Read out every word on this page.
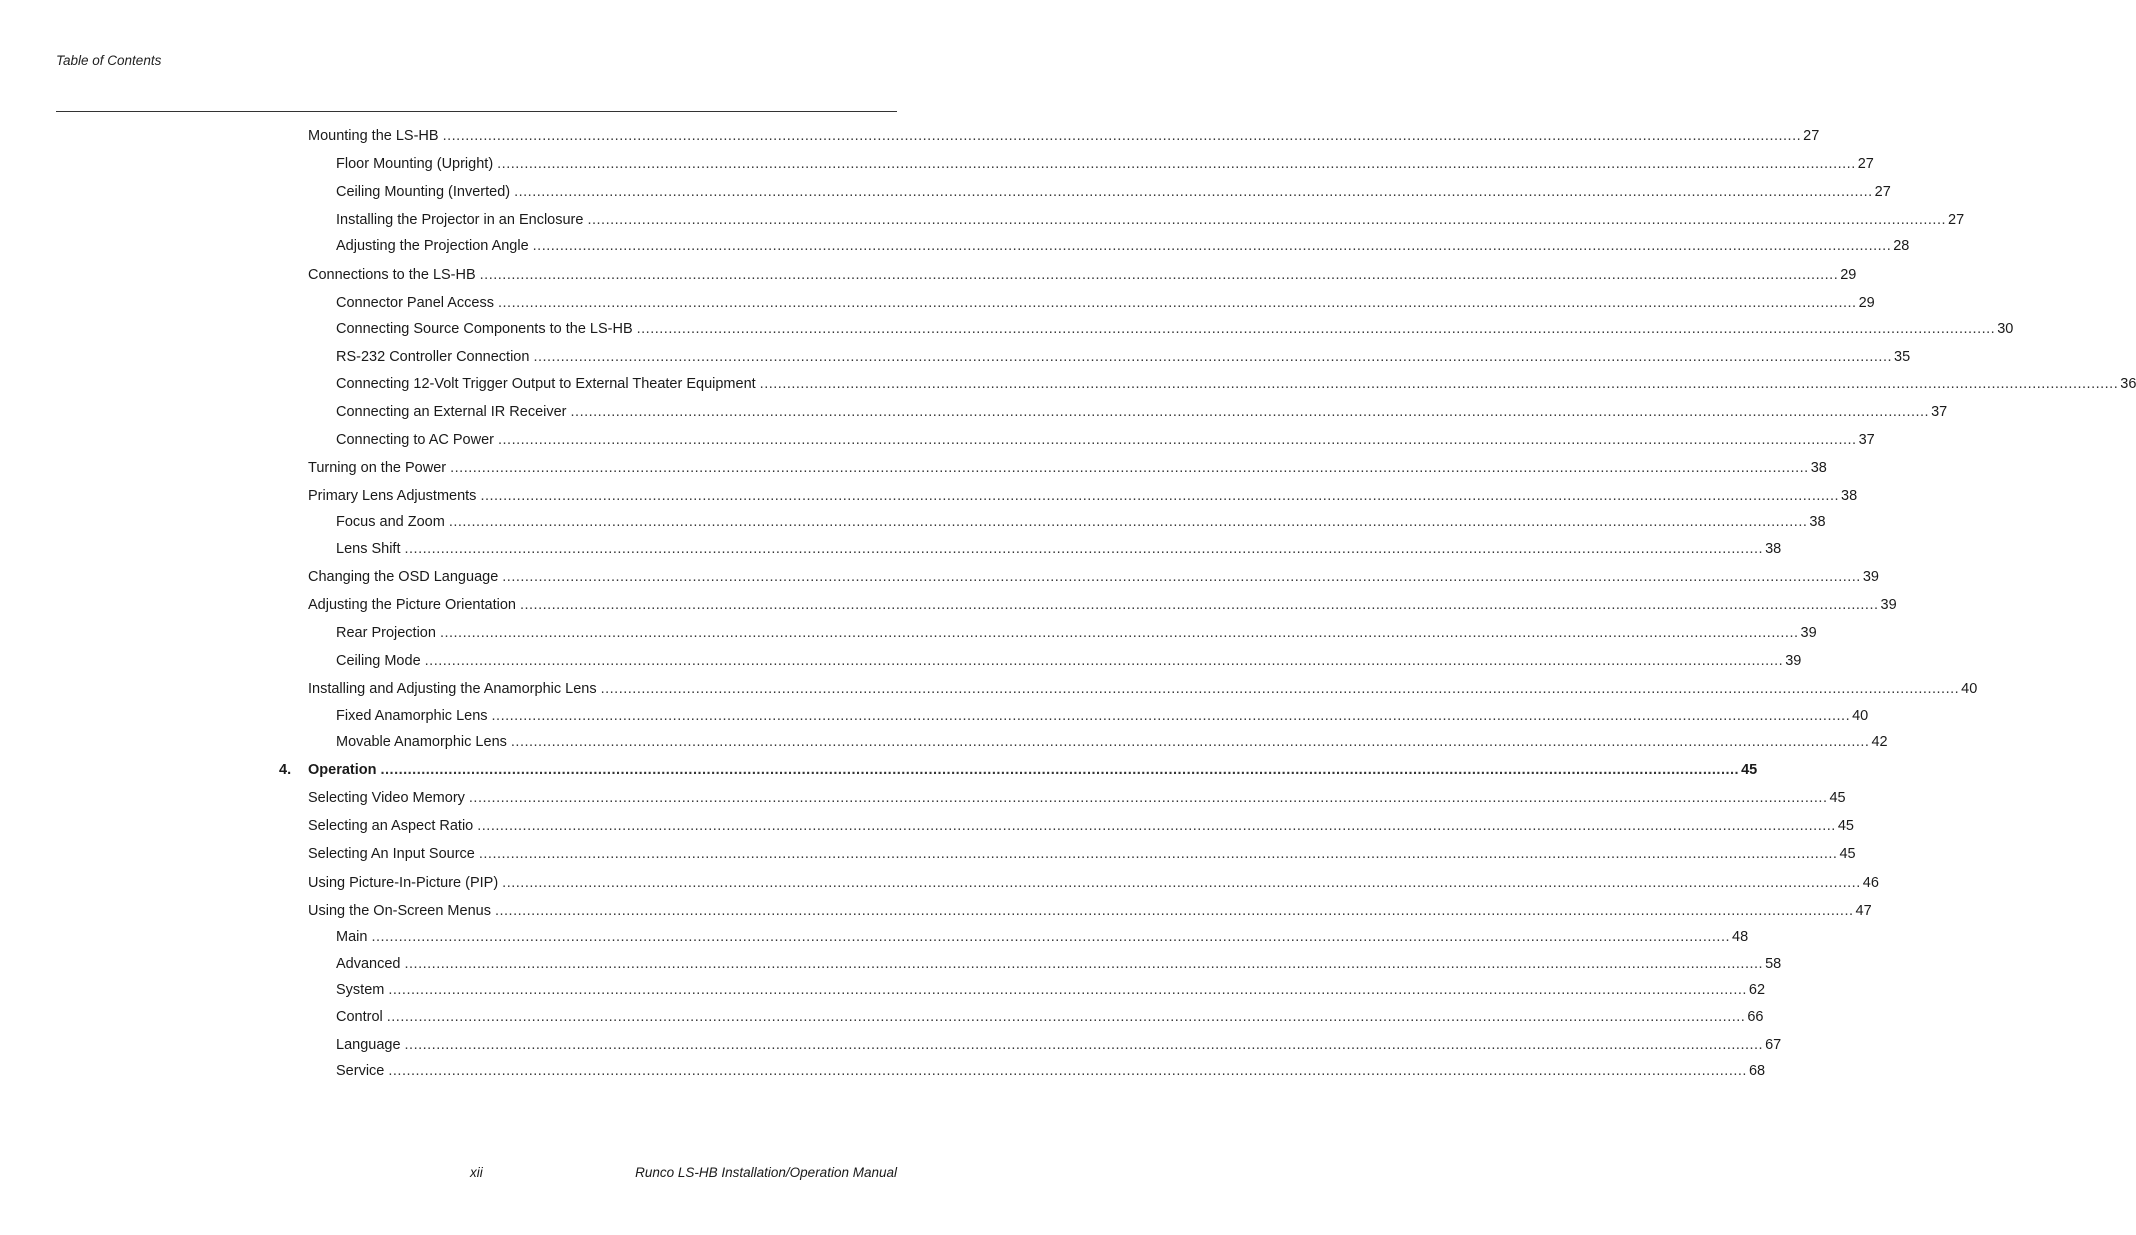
Table of Contents
Mounting the LS-HB ............................................................................................................................................................................................................................................................................................................ 27
Floor Mounting (Upright) ............................................................................................................................................................................................................................................................................................................ 27
Ceiling Mounting (Inverted) ............................................................................................................................................................................................................................................................................................................ 27
Installing the Projector in an Enclosure ............................................................................................................................................................................................................................................................................................................ 27
Adjusting the Projection Angle ............................................................................................................................................................................................................................................................................................................ 28
Connections to the LS-HB ............................................................................................................................................................................................................................................................................................................ 29
Connector Panel Access ............................................................................................................................................................................................................................................................................................................ 29
Connecting Source Components to the LS-HB ............................................................................................................................................................................................................................................................................................................ 30
RS-232 Controller Connection ............................................................................................................................................................................................................................................................................................................ 35
Connecting 12-Volt Trigger Output to External Theater Equipment ............................................................................................................................................................................................................................................................................................................ 36
Connecting an External IR Receiver ............................................................................................................................................................................................................................................................................................................ 37
Connecting to AC Power ............................................................................................................................................................................................................................................................................................................ 37
Turning on the Power ............................................................................................................................................................................................................................................................................................................ 38
Primary Lens Adjustments ............................................................................................................................................................................................................................................................................................................ 38
Focus and Zoom ............................................................................................................................................................................................................................................................................................................ 38
Lens Shift ............................................................................................................................................................................................................................................................................................................ 38
Changing the OSD Language ............................................................................................................................................................................................................................................................................................................ 39
Adjusting the Picture Orientation ............................................................................................................................................................................................................................................................................................................ 39
Rear Projection ............................................................................................................................................................................................................................................................................................................ 39
Ceiling Mode ............................................................................................................................................................................................................................................................................................................ 39
Installing and Adjusting the Anamorphic Lens ............................................................................................................................................................................................................................................................................................................ 40
Fixed Anamorphic Lens ............................................................................................................................................................................................................................................................................................................ 40
Movable Anamorphic Lens ............................................................................................................................................................................................................................................................................................................ 42
4. Operation ............................................................................................................................................................................................................................................................................................................ 45
Selecting Video Memory ............................................................................................................................................................................................................................................................................................................ 45
Selecting an Aspect Ratio ............................................................................................................................................................................................................................................................................................................ 45
Selecting An Input Source ............................................................................................................................................................................................................................................................................................................ 45
Using Picture-In-Picture (PIP) ............................................................................................................................................................................................................................................................................................................ 46
Using the On-Screen Menus ............................................................................................................................................................................................................................................................................................................ 47
Main ............................................................................................................................................................................................................................................................................................................ 48
Advanced ............................................................................................................................................................................................................................................................................................................ 58
System ............................................................................................................................................................................................................................................................................................................ 62
Control ............................................................................................................................................................................................................................................................................................................ 66
Language ............................................................................................................................................................................................................................................................................................................ 67
Service ............................................................................................................................................................................................................................................................................................................ 68
xii	Runco LS-HB Installation/Operation Manual
